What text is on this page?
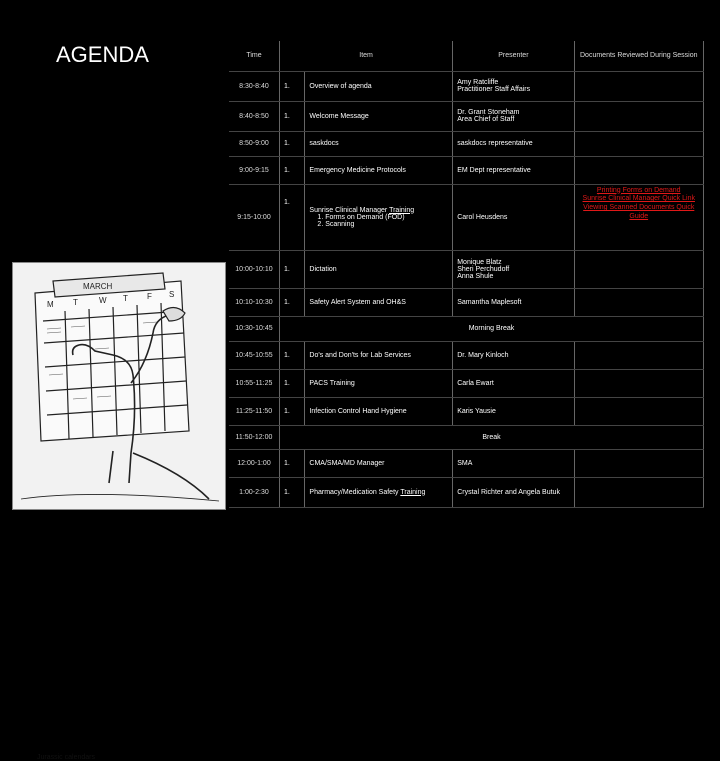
AGENDA
MARCH
M T	W T F S
Jurassic calendars
Time	Item		Presenter	Documents Reviewed During Session
8:30-8:40	1.	Overview of agenda	Amy Ratcliffe
Practitioner Staff Affairs	
8:40-8:50	1.	Welcome Message	Dr. Grant Stoneham
Area Chief of Staff	
8:50-9:00	1.	saskdocs	saskdocs representative	
9:00-9:15	1.	Emergency Medicine Protocols	EM Dept representative	
9:15-10:00	1.	Sunrise Clinical Manager Training
1. Forms on Demand (FOD)
2. Scanning	Carol Heusdens	Printing Forms on Demand
Sunrise Clinical Manager Quick Link
Viewing Scanned Documents Quick Guide

10:00-10:10	1.	Dictation	Monique Blatz
Sheri Perchudoff
Anna Shule	
10:10-10:30	1.	Safety Alert System and OH&S	Samantha Maplesoft	
10:30-10:45	Morning Break			
10:45-10:55	1.	Do's and Don'ts for Lab Services	Dr. Mary Kinloch	
10:55-11:25	1.	PACS Training	Carla Ewart	
11:25-11:50	1.	Infection Control Hand Hygiene	Karis Yausie	
11:50-12:00	Break			
12:00-1:00	1.	CMA/SMA/MD Manager	SMA	
1:00-2:30	1.	Pharmacy/Medication Safety Training	Crystal Richter and Angela Butuk	
